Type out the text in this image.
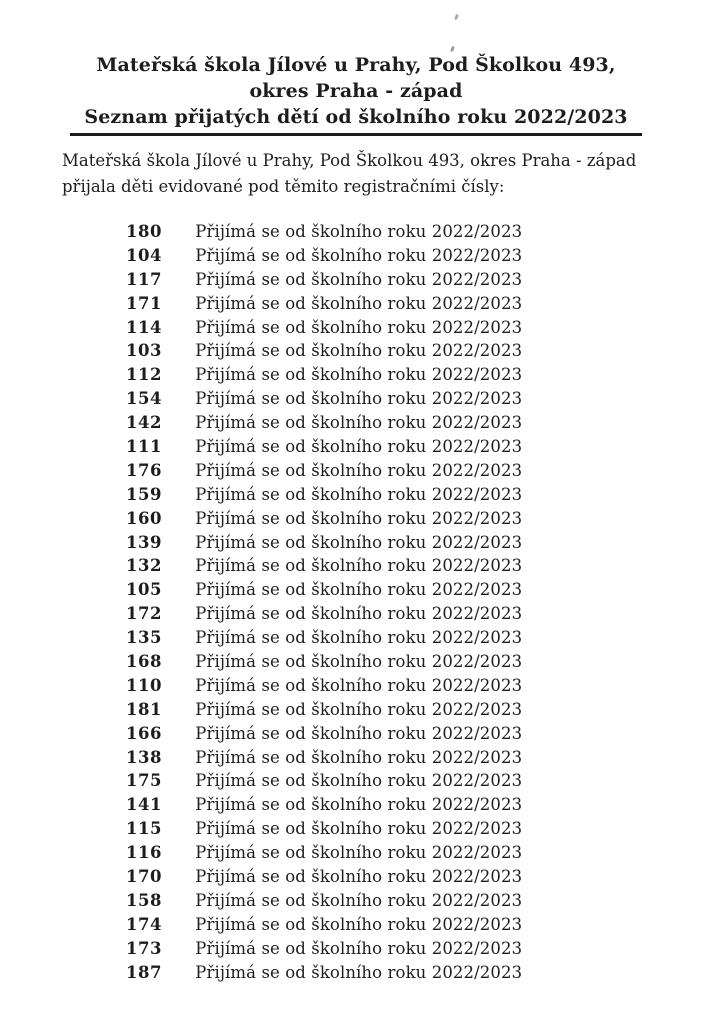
Mateřská škola Jílové u Prahy, Pod Školkou 493,
okres Praha - západ
Seznam přijatých dětí od školního roku 2022/2023

Mateřská škola Jílové u Prahy, Pod Školkou 493, okres Praha - západ přijala děti evidované pod těmito registračními čísly:

180 Přijímá se od školního roku 2022/2023
104 Přijímá se od školního roku 2022/2023
117 Přijímá se od školního roku 2022/2023
171 Přijímá se od školního roku 2022/2023
114 Přijímá se od školního roku 2022/2023
103 Přijímá se od školního roku 2022/2023
112 Přijímá se od školního roku 2022/2023
154 Přijímá se od školního roku 2022/2023
142 Přijímá se od školního roku 2022/2023
111 Přijímá se od školního roku 2022/2023
176 Přijímá se od školního roku 2022/2023
159 Přijímá se od školního roku 2022/2023
160 Přijímá se od školního roku 2022/2023
139 Přijímá se od školního roku 2022/2023
132 Přijímá se od školního roku 2022/2023
105 Přijímá se od školního roku 2022/2023
172 Přijímá se od školního roku 2022/2023
135 Přijímá se od školního roku 2022/2023
168 Přijímá se od školního roku 2022/2023
110 Přijímá se od školního roku 2022/2023
181 Přijímá se od školního roku 2022/2023
166 Přijímá se od školního roku 2022/2023
138 Přijímá se od školního roku 2022/2023
175 Přijímá se od školního roku 2022/2023
141 Přijímá se od školního roku 2022/2023
115 Přijímá se od školního roku 2022/2023
116 Přijímá se od školního roku 2022/2023
170 Přijímá se od školního roku 2022/2023
158 Přijímá se od školního roku 2022/2023
174 Přijímá se od školního roku 2022/2023
173 Přijímá se od školního roku 2022/2023
187 Přijímá se od školního roku 2022/2023
